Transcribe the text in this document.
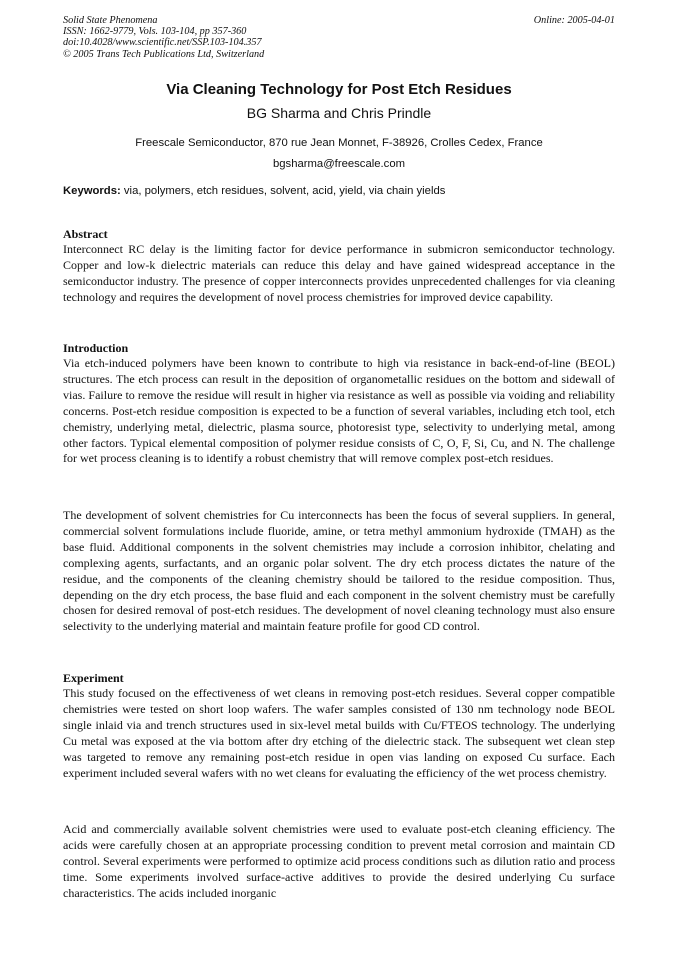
Solid State Phenomena
ISSN: 1662-9779, Vols. 103-104, pp 357-360
doi:10.4028/www.scientific.net/SSP.103-104.357
© 2005 Trans Tech Publications Ltd, Switzerland
Online: 2005-04-01
Via Cleaning Technology for Post Etch Residues
BG Sharma and Chris Prindle
Freescale Semiconductor, 870 rue Jean Monnet, F-38926, Crolles Cedex, France
bgsharma@freescale.com
Keywords: via, polymers, etch residues, solvent, acid, yield, via chain yields
Abstract

Interconnect RC delay is the limiting factor for device performance in submicron semiconductor technology. Copper and low-k dielectric materials can reduce this delay and have gained widespread acceptance in the semiconductor industry. The presence of copper interconnects provides unprecedented challenges for via cleaning technology and requires the development of novel process chemistries for improved device capability.

Introduction

Via etch-induced polymers have been known to contribute to high via resistance in back-end-of-line (BEOL) structures. The etch process can result in the deposition of organometallic residues on the bottom and sidewall of vias. Failure to remove the residue will result in higher via resistance as well as possible via voiding and reliability concerns. Post-etch residue composition is expected to be a function of several variables, including etch tool, etch chemistry, underlying metal, dielectric, plasma source, photoresist type, selectivity to underlying metal, among other factors. Typical elemental composition of polymer residue consists of C, O, F, Si, Cu, and N. The challenge for wet process cleaning is to identify a robust chemistry that will remove complex post-etch residues.

The development of solvent chemistries for Cu interconnects has been the focus of several suppliers. In general, commercial solvent formulations include fluoride, amine, or tetra methyl ammonium hydroxide (TMAH) as the base fluid. Additional components in the solvent chemistries may include a corrosion inhibitor, chelating and complexing agents, surfactants, and an organic polar solvent. The dry etch process dictates the nature of the residue, and the components of the cleaning chemistry should be tailored to the residue composition. Thus, depending on the dry etch process, the base fluid and each component in the solvent chemistry must be carefully chosen for desired removal of post-etch residues. The development of novel cleaning technology must also ensure selectivity to the underlying material and maintain feature profile for good CD control.

Experiment

This study focused on the effectiveness of wet cleans in removing post-etch residues. Several copper compatible chemistries were tested on short loop wafers. The wafer samples consisted of 130 nm technology node BEOL single inlaid via and trench structures used in six-level metal builds with Cu/FTEOS technology. The underlying Cu metal was exposed at the via bottom after dry etching of the dielectric stack. The subsequent wet clean step was targeted to remove any remaining post-etch residue in open vias landing on exposed Cu surface. Each experiment included several wafers with no wet cleans for evaluating the efficiency of the wet process chemistry.

Acid and commercially available solvent chemistries were used to evaluate post-etch cleaning efficiency. The acids were carefully chosen at an appropriate processing condition to prevent metal corrosion and maintain CD control. Several experiments were performed to optimize acid process conditions such as dilution ratio and process time. Some experiments involved surface-active additives to provide the desired underlying Cu surface characteristics. The acids included inorganic
